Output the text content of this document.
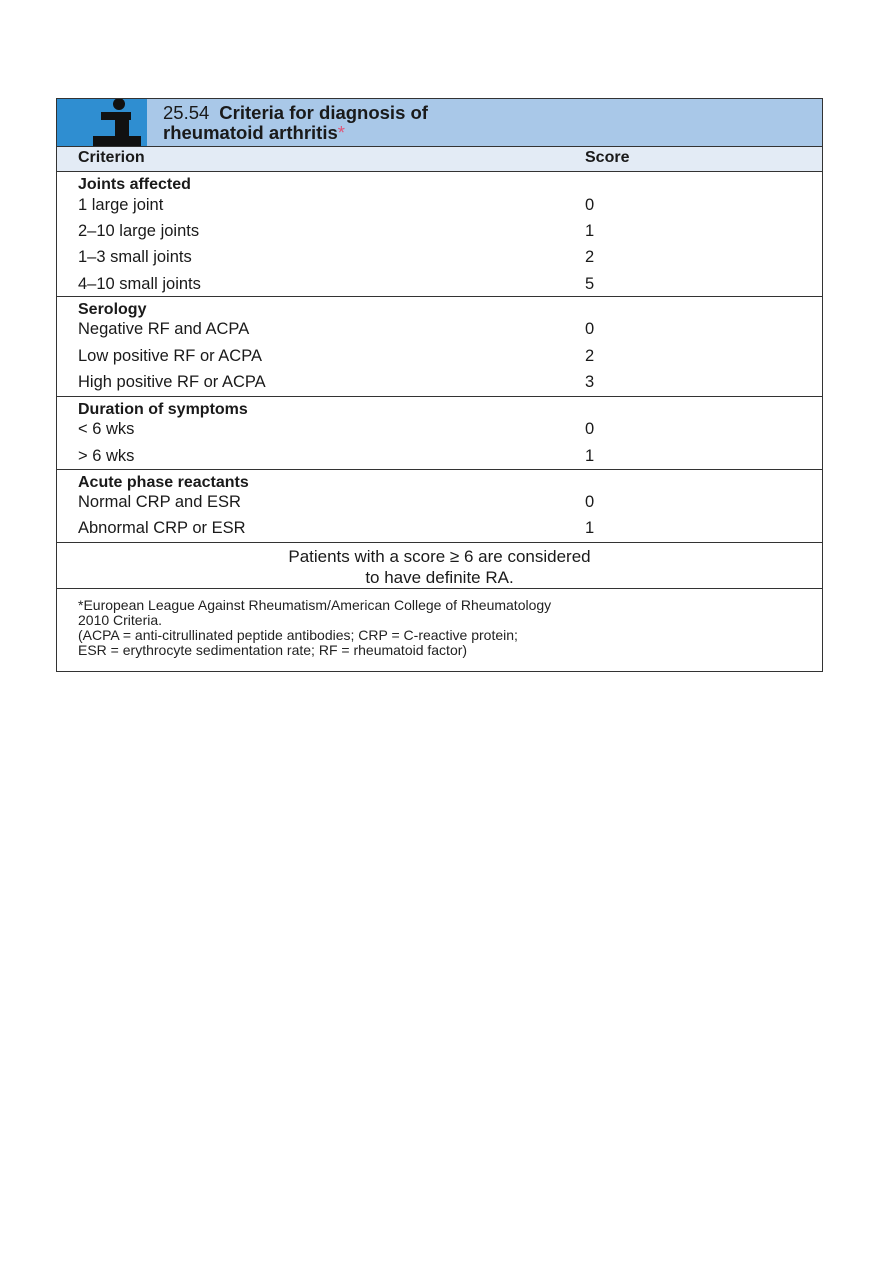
25.54 Criteria for diagnosis of
rheumatoid arthritis*
Criterion	Score
Joints affected
1 large joint	0
2–10 large joints	1
1–3 small joints	2
4–10 small joints	5
Serology
Negative RF and ACPA	0
Low positive RF or ACPA	2
High positive RF or ACPA	3
Duration of symptoms
< 6 wks	0
> 6 wks	1
Acute phase reactants
Normal CRP and ESR	0
Abnormal CRP or ESR	1
Patients with a score ≥ 6 are considered
to have definite RA.
*European League Against Rheumatism/American College of Rheumatology
2010 Criteria.
(ACPA = anti-citrullinated peptide antibodies; CRP = C-reactive protein;
ESR = erythrocyte sedimentation rate; RF = rheumatoid factor)
